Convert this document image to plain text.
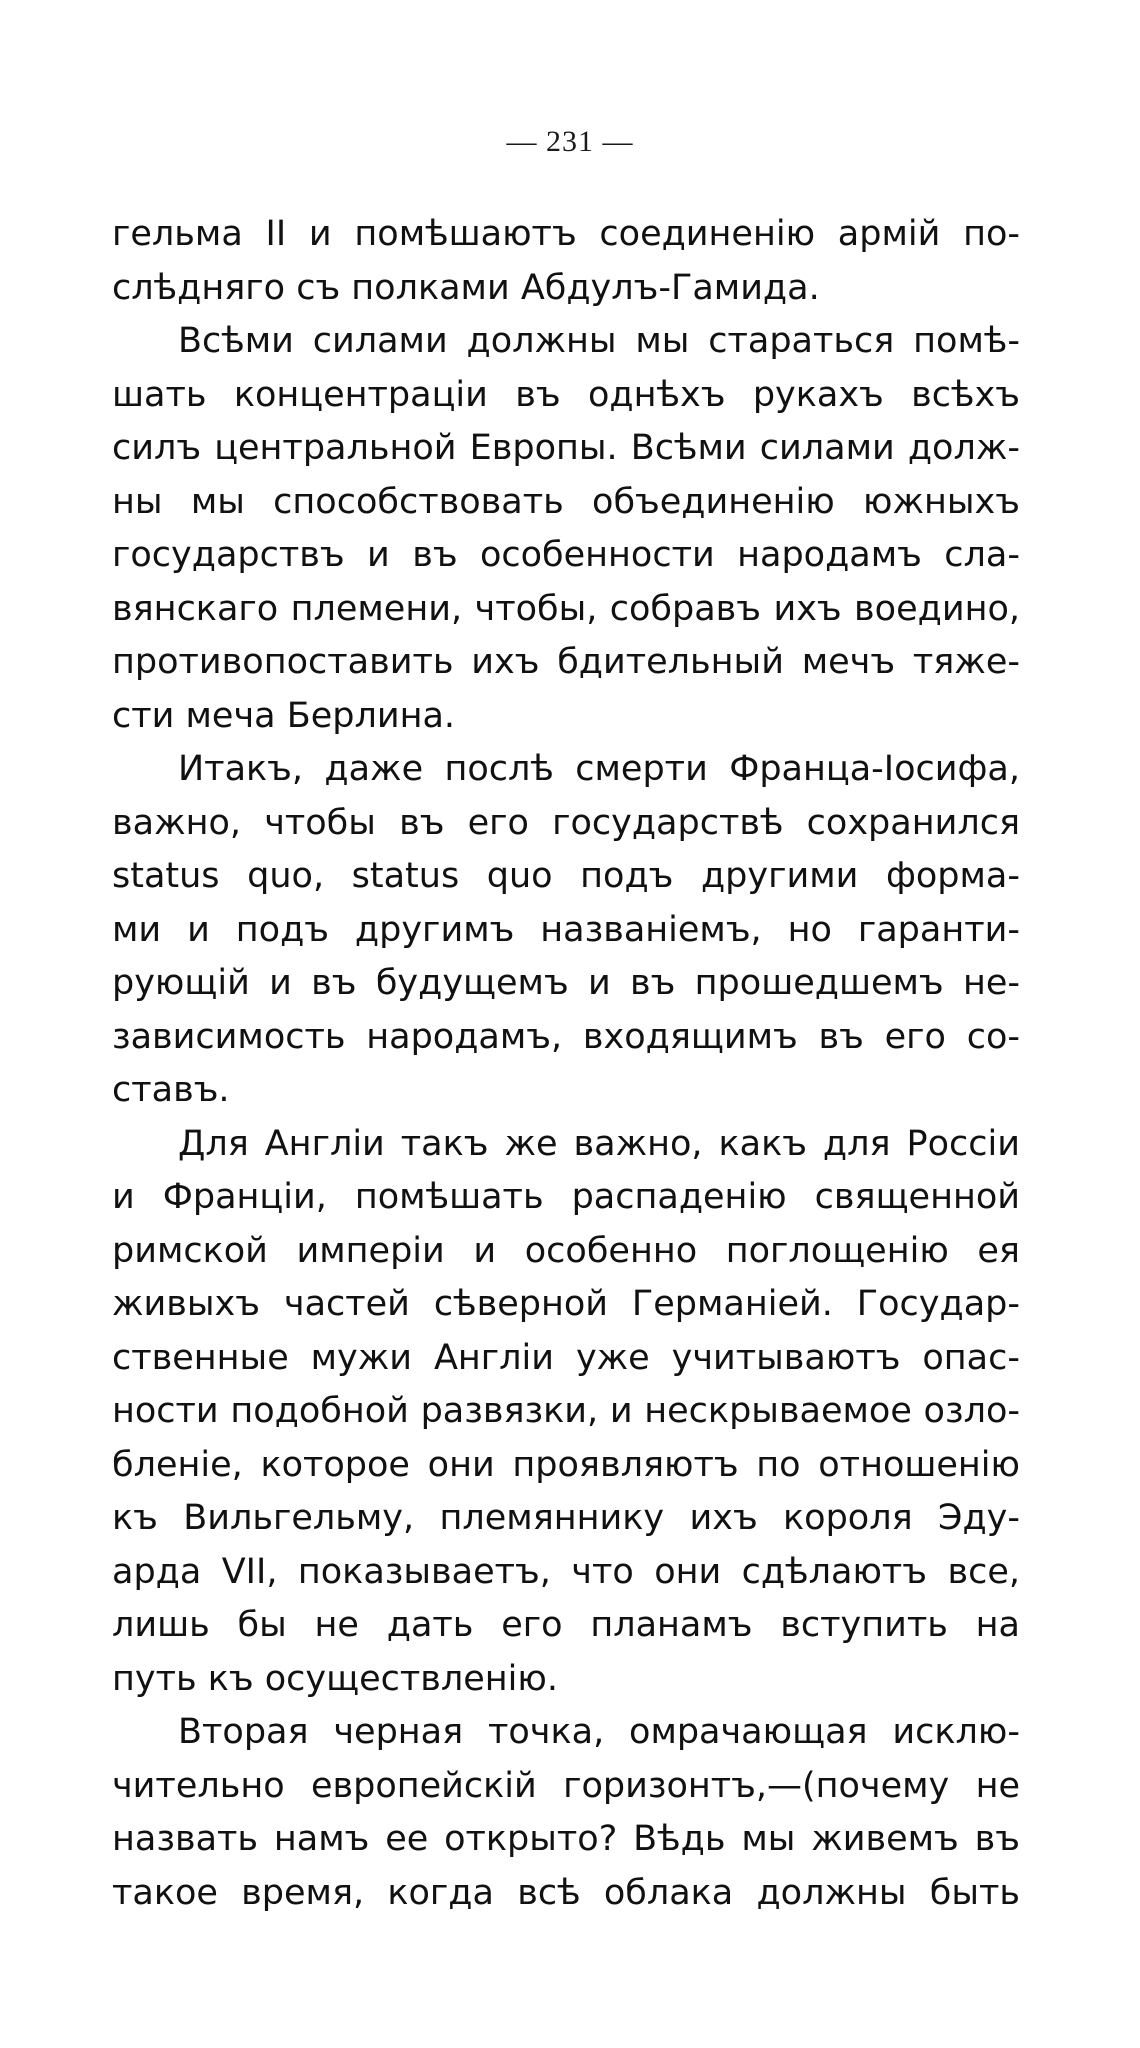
— 231 —
гельма II и помѣшаютъ соединенію армій по-
слѣдняго съ полками Абдулъ-Гамида.
Всѣми силами должны мы стараться помѣ-
шать концентраціи въ однѣхъ рукахъ всѣхъ
силъ центральной Европы. Всѣми силами долж-
ны мы способствовать объединенію южныхъ
государствъ и въ особенности народамъ сла-
вянскаго племени, чтобы, собравъ ихъ воедино,
противопоставить ихъ бдительный мечъ тяже-
сти меча Берлина.
Итакъ, даже послѣ смерти Франца-Іосифа,
важно, чтобы въ его государствѣ сохранился
status quo, status quo подъ другими форма-
ми и подъ другимъ названіемъ, но гаранти-
рующій и въ будущемъ и въ прошедшемъ не-
зависимость народамъ, входящимъ въ его со-
ставъ.
Для Англіи такъ же важно, какъ для Россіи
и Франціи, помѣшать распаденію священной
римской имперіи и особенно поглощенію ея
живыхъ частей сѣверной Германіей. Государ-
ственные мужи Англіи уже учитываютъ опас-
ности подобной развязки, и нескрываемое озло-
бленіе, которое они проявляютъ по отношенію
къ Вильгельму, племяннику ихъ короля Эду-
арда VII, показываетъ, что они сдѣлаютъ все,
лишь бы не дать его планамъ вступить на
путь къ осуществленію.
Вторая черная точка, омрачающая исклю-
чительно европейскій горизонтъ,—(почему не
назвать намъ ее открыто? Вѣдь мы живемъ въ
такое время, когда всѣ облака должны быть
